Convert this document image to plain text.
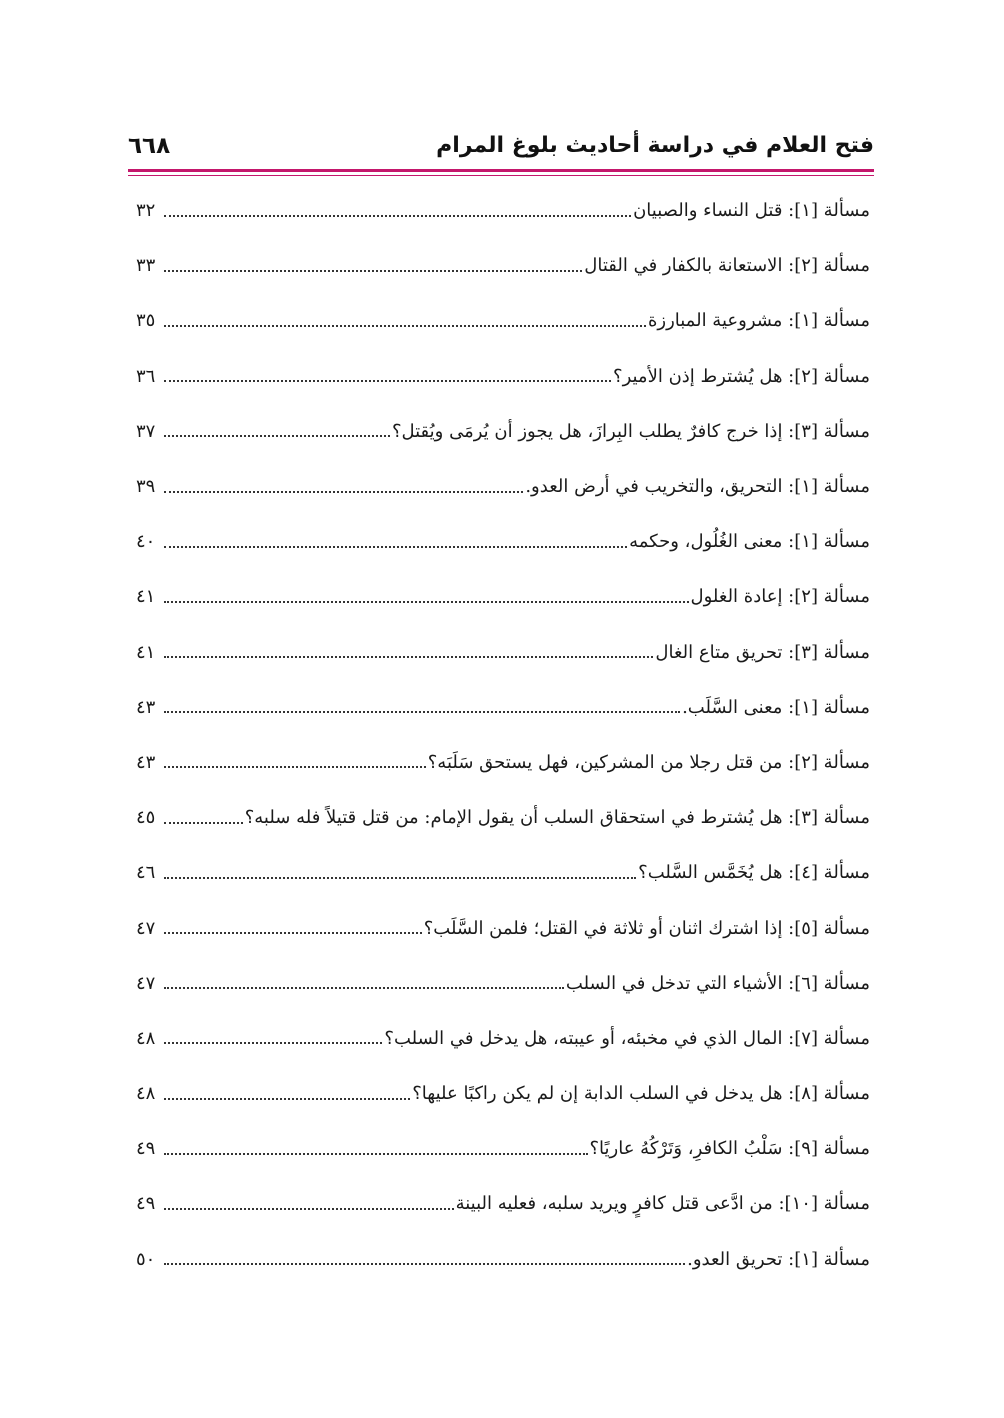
فتح العلام في دراسة أحاديث بلوغ المرام
٦٦٨
مسألة [١]: قتل النساء والصبيان
٣٢
مسألة [٢]: الاستعانة بالكفار في القتال
٣٣
مسألة [١]: مشروعية المبارزة
٣٥
مسألة [٢]: هل يُشترط إذن الأمير؟
٣٦
مسألة [٣]: إذا خرج كافرٌ يطلب البِرازَ، هل يجوز أن يُرمَى ويُقتل؟
٣٧
مسألة [١]: التحريق، والتخريب في أرض العدو.
٣٩
مسألة [١]: معنى الغُلُول، وحكمه
٤٠
مسألة [٢]: إعادة الغلول
٤١
مسألة [٣]: تحريق متاع الغال
٤١
مسألة [١]: معنى السَّلَب.
٤٣
مسألة [٢]: من قتل رجلا من المشركين، فهل يستحق سَلَبَه؟
٤٣
مسألة [٣]: هل يُشترط في استحقاق السلب أن يقول الإمام: من قتل قتيلاً فله سلبه؟
٤٥
مسألة [٤]: هل يُخَمَّس السَّلب؟
٤٦
مسألة [٥]: إذا اشترك اثنان أو ثلاثة في القتل؛ فلمن السَّلَب؟
٤٧
مسألة [٦]: الأشياء التي تدخل في السلب
٤٧
مسألة [٧]: المال الذي في مخبئه، أو عيبته، هل يدخل في السلب؟
٤٨
مسألة [٨]: هل يدخل في السلب الدابة إن لم يكن راكبًا عليها؟
٤٨
مسألة [٩]: سَلْبُ الكافرِ، وَتَرْكُهُ عاريًا؟
٤٩
مسألة [١٠]: من ادَّعى قتل كافرٍ ويريد سلبه، فعليه البينة
٤٩
مسألة [١]: تحريق العدو.
٥٠
